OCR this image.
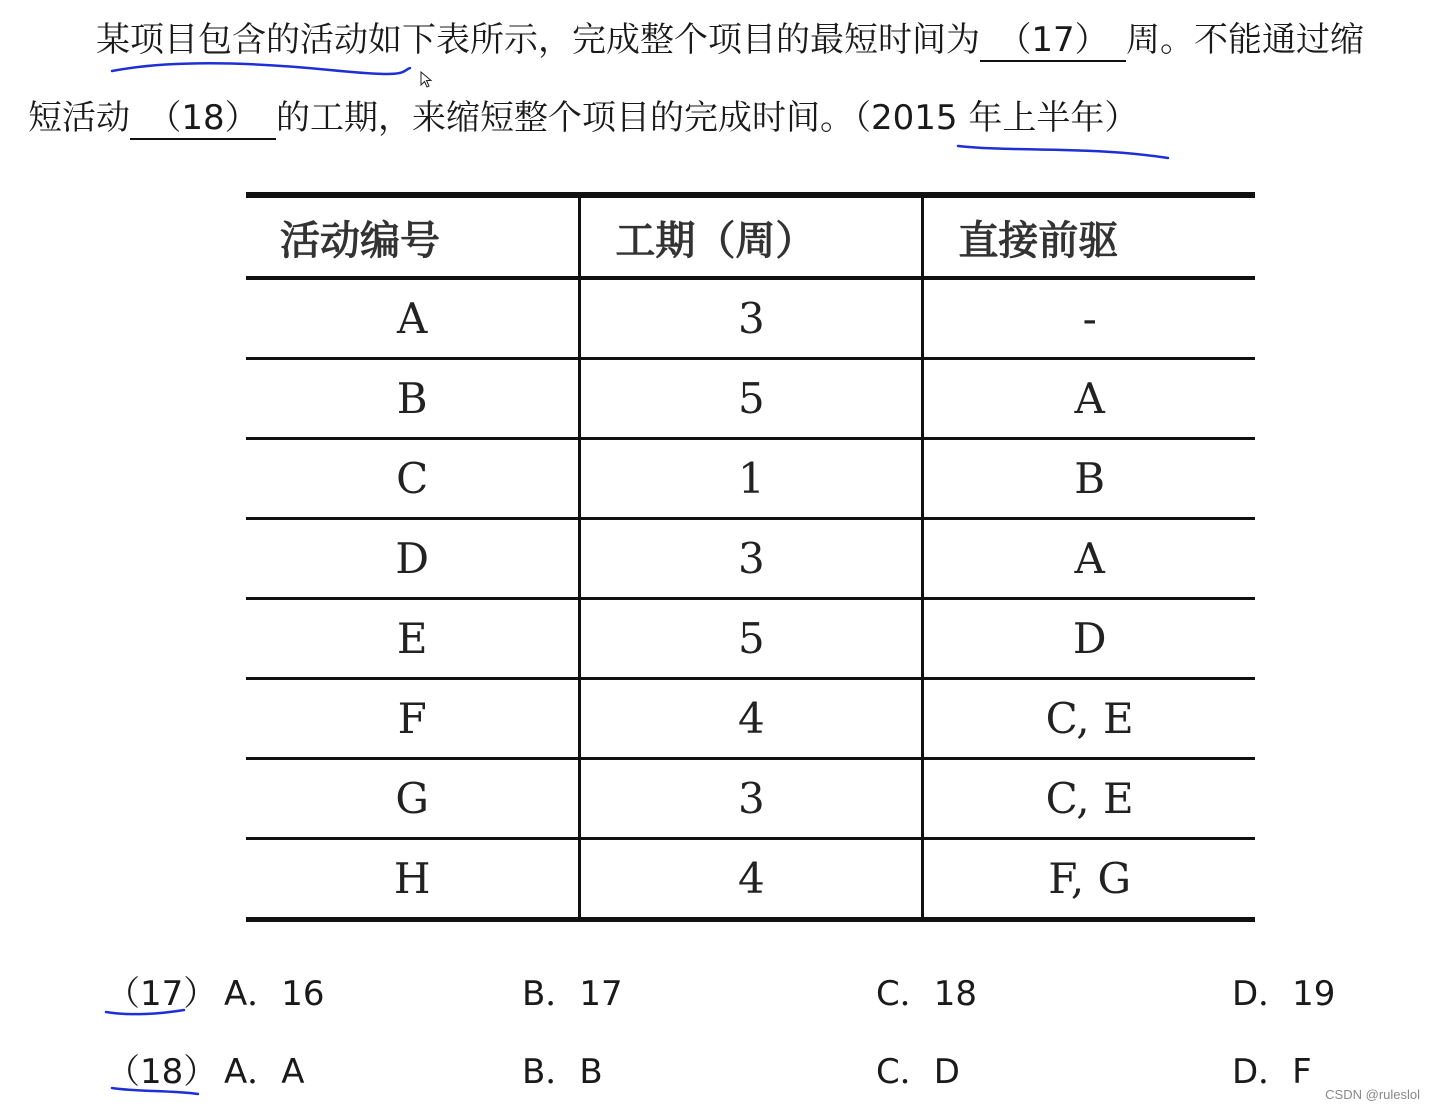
某项目包含的活动如下表所示，完成整个项目的最短时间为 （17） 周。不能通过缩
短活动 （18） 的工期，来缩短整个项目的完成时间。（2015 年上半年）
活动编号	工期（周）	直接前驱
A	3	-
B	5	A
C	1	B
D	3	A
E	5	D
F	4	C, E
G	3	C, E
H	4	F, G
（17） A．16	B．17	C．18	D．19
（18） A．A	B．B	C．D	D．F
CSDN @ruleslol
